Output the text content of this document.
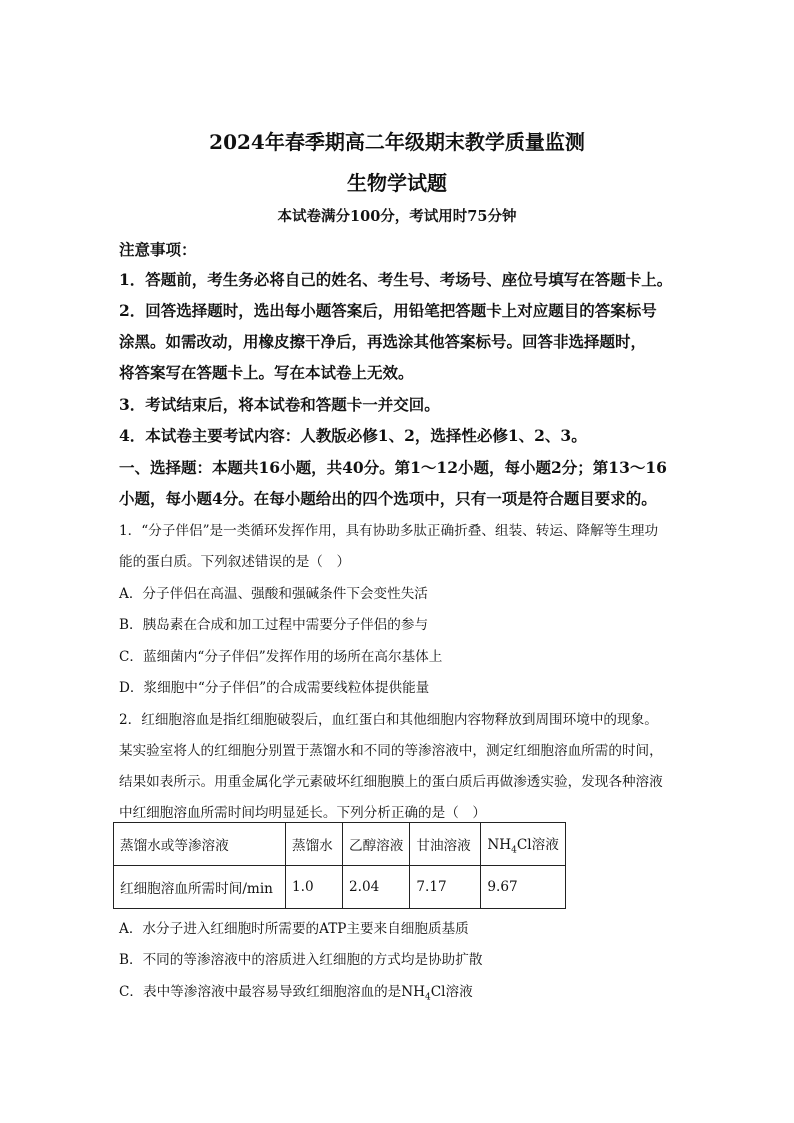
2024年春季期高二年级期末教学质量监测
生物学试题
本试卷满分100分，考试用时75分钟
注意事项：
1．答题前，考生务必将自己的姓名、考生号、考场号、座位号填写在答题卡上。
2．回答选择题时，选出每小题答案后，用铅笔把答题卡上对应题目的答案标号
涂黑。如需改动，用橡皮擦干净后，再选涂其他答案标号。回答非选择题时，
将答案写在答题卡上。写在本试卷上无效。
3．考试结束后，将本试卷和答题卡一并交回。
4．本试卷主要考试内容：人教版必修1、2，选择性必修1、2、3。
一、选择题：本题共16小题，共40分。第1～12小题，每小题2分；第13～16
小题，每小题4分。在每小题给出的四个选项中，只有一项是符合题目要求的。
1．“分子伴侣”是一类循环发挥作用，具有协助多肽正确折叠、组装、转运、降解等生理功
能的蛋白质。下列叙述错误的是（　）
A．分子伴侣在高温、强酸和强碱条件下会变性失活
B．胰岛素在合成和加工过程中需要分子伴侣的参与
C．蓝细菌内“分子伴侣”发挥作用的场所在高尔基体上
D．浆细胞中“分子伴侣”的合成需要线粒体提供能量
2．红细胞溶血是指红细胞破裂后，血红蛋白和其他细胞内容物释放到周围环境中的现象。
某实验室将人的红细胞分别置于蒸馏水和不同的等渗溶液中，测定红细胞溶血所需的时间，
结果如表所示。用重金属化学元素破坏红细胞膜上的蛋白质后再做渗透实验，发现各种溶液
中红细胞溶血所需时间均明显延长。下列分析正确的是（　）
蒸馏水或等渗溶液	蒸馏水	乙醇溶液	甘油溶液	$NH_4Cl$溶液
红细胞溶血所需时间/min	1.0	2.04	7.17	9.67
A．水分子进入红细胞时所需要的ATP主要来自细胞质基质
B．不同的等渗溶液中的溶质进入红细胞的方式均是协助扩散
C．表中等渗溶液中最容易导致红细胞溶血的是$NH_4Cl$溶液
